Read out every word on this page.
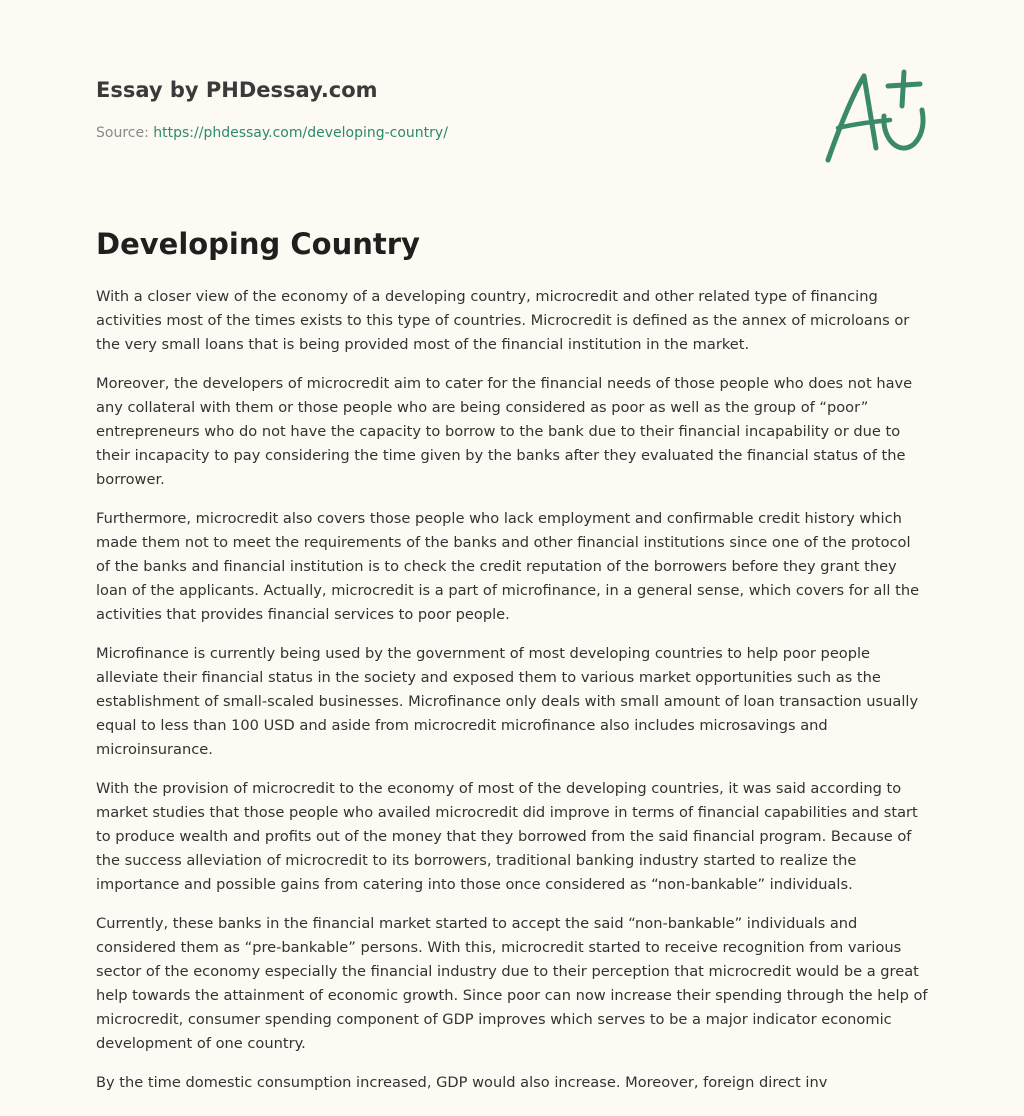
Essay by PHDessay.com
Source: https://phdessay.com/developing-country/
Developing Country

With a closer view of the economy of a developing country, microcredit and other related type of financing activities most of the times exists to this type of countries. Microcredit is defined as the annex of microloans or the very small loans that is being provided most of the financial institution in the market.

Moreover, the developers of microcredit aim to cater for the financial needs of those people who does not have any collateral with them or those people who are being considered as poor as well as the group of “poor” entrepreneurs who do not have the capacity to borrow to the bank due to their financial incapability or due to their incapacity to pay considering the time given by the banks after they evaluated the financial status of the borrower.

Furthermore, microcredit also covers those people who lack employment and confirmable credit history which made them not to meet the requirements of the banks and other financial institutions since one of the protocol of the banks and financial institution is to check the credit reputation of the borrowers before they grant they loan of the applicants. Actually, microcredit is a part of microfinance, in a general sense, which covers for all the activities that provides financial services to poor people.

Microfinance is currently being used by the government of most developing countries to help poor people alleviate their financial status in the society and exposed them to various market opportunities such as the establishment of small-scaled businesses. Microfinance only deals with small amount of loan transaction usually equal to less than 100 USD and aside from microcredit microfinance also includes microsavings and microinsurance.

With the provision of microcredit to the economy of most of the developing countries, it was said according to market studies that those people who availed microcredit did improve in terms of financial capabilities and start to produce wealth and profits out of the money that they borrowed from the said financial program. Because of the success alleviation of microcredit to its borrowers, traditional banking industry started to realize the importance and possible gains from catering into those once considered as “non-bankable” individuals.

Currently, these banks in the financial market started to accept the said “non-bankable” individuals and considered them as “pre-bankable” persons. With this, microcredit started to receive recognition from various sector of the economy especially the financial industry due to their perception that microcredit would be a great help towards the attainment of economic growth. Since poor can now increase their spending through the help of microcredit, consumer spending component of GDP improves which serves to be a major indicator economic development of one country.

By the time domestic consumption increased, GDP would also increase. Moreover, foreign direct inv
